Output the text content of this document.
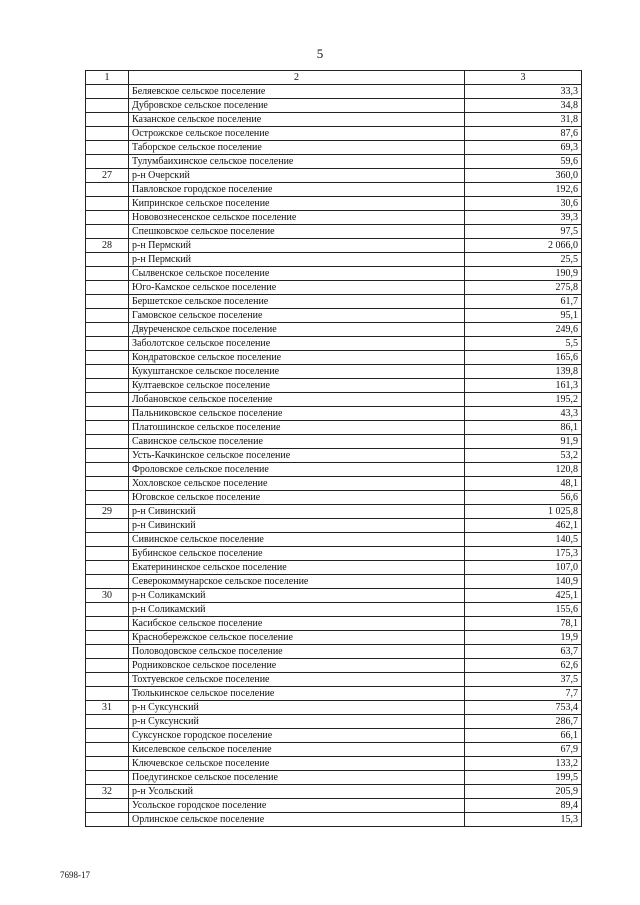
5
1	2	3
	Беляевское сельское поселение	33,3
	Дубровское сельское поселение	34,8
	Казанское сельское поселение	31,8
	Острожское сельское поселение	87,6
	Таборское сельское поселение	69,3
	Тулумбаихинское сельское поселение	59,6
27	р-н Очерский	360,0
	Павловское городское поселение	192,6
	Кипринское сельское поселение	30,6
	Нововознесенское сельское поселение	39,3
	Спешковское сельское поселение	97,5
28	р-н Пермский	2 066,0
	р-н Пермский	25,5
	Сылвенское сельское поселение	190,9
	Юго-Камское сельское поселение	275,8
	Бершетское сельское поселение	61,7
	Гамовское сельское поселение	95,1
	Двуреченское сельское поселение	249,6
	Заболотское сельское поселение	5,5
	Кондратовское сельское поселение	165,6
	Кукуштанское сельское поселение	139,8
	Култаевское сельское поселение	161,3
	Лобановское сельское поселение	195,2
	Пальниковское сельское поселение	43,3
	Платошинское сельское поселение	86,1
	Савинское сельское поселение	91,9
	Усть-Качкинское сельское поселение	53,2
	Фроловское сельское поселение	120,8
	Хохловское сельское поселение	48,1
	Юговское сельское поселение	56,6
29	р-н Сивинский	1 025,8
	р-н Сивинский	462,1
	Сивинское сельское поселение	140,5
	Бубинское сельское поселение	175,3
	Екатерининское сельское поселение	107,0
	Северокоммунарское сельское поселение	140,9
30	р-н Соликамский	425,1
	р-н Соликамский	155,6
	Касибское сельское поселение	78,1
	Краснобережское сельское поселение	19,9
	Половодовское сельское поселение	63,7
	Родниковское сельское поселение	62,6
	Тохтуевское сельское поселение	37,5
	Тюлькинское сельское поселение	7,7
31	р-н Суксунский	753,4
	р-н Суксунский	286,7
	Суксунское городское поселение	66,1
	Киселевское сельское поселение	67,9
	Ключевское сельское поселение	133,2
	Поедугинское сельское поселение	199,5
32	р-н Усольский	205,9
	Усольское городское поселение	89,4
	Орлинское сельское поселение	15,3
7698-17
